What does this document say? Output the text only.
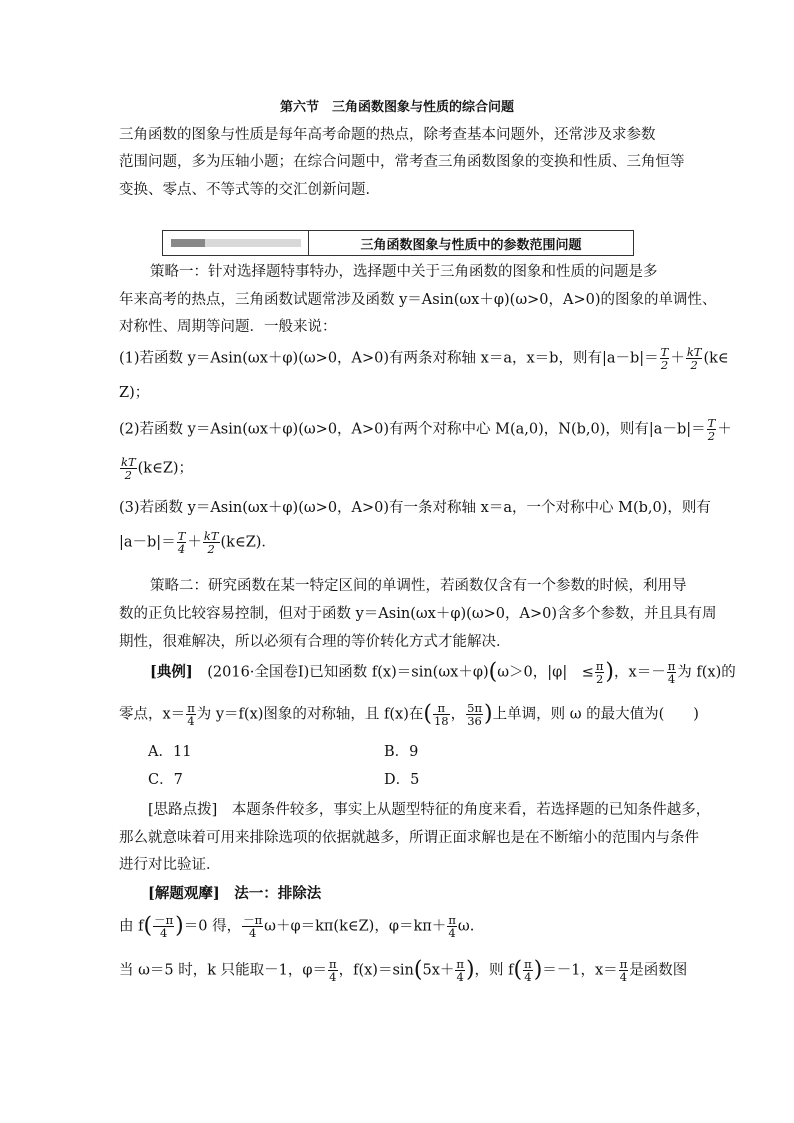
第六节　三角函数图象与性质的综合问题
三角函数的图象与性质是每年高考命题的热点，除考查基本问题外，还常涉及求参数
范围问题，多为压轴小题；在综合问题中，常考查三角函数图象的变换和性质、三角恒等
变换、零点、不等式等的交汇创新问题．
三角函数图象与性质中的参数范围问题
策略一：针对选择题特事特办，选择题中关于三角函数的图象和性质的问题是多
年来高考的热点，三角函数试题常涉及函数 y＝Asin(ωx＋φ)(ω>0，A>0)的图象的单调性、
对称性、周期等问题．一般来说：
(1)若函数 y＝Asin(ωx＋φ)(ω>0，A>0)有两条对称轴 x＝a，x＝b，则有$|a-b|= \frac{T}{2} + \frac{kT}{2}$ (k∈
Z)；
(2)若函数 y＝Asin(ωx＋φ)(ω>0，A>0)有两个对称中心 M(a,0)，N(b,0)，则有$|a-b|= \frac{T}{2}$ ＋
$\frac{kT}{2}$ (k∈Z)；
(3)若函数 y＝Asin(ωx＋φ)(ω>0，A>0)有一条对称轴 x＝a，一个对称中心 M(b,0)，则有
$|a-b|= \frac{T}{4} + \frac{kT}{2}$ (k∈Z)．
策略二：研究函数在某一特定区间的单调性，若函数仅含有一个参数的时候，利用导
数的正负比较容易控制，但对于函数 y＝Asin(ωx＋φ)(ω>0，A>0)含多个参数，并且具有周
期性，很难解决，所以必须有合理的等价转化方式才能解决．
[典例]　 (2016·全国卷Ⅰ)已知函数 f(x)＝sin(ωx＋φ)(ω＞0，|φ|　≤ $\frac{\pi}{2}$ )，$x=- \frac{\pi}{4}$ 为 f(x)的
零点，$x= \frac{\pi}{4}$ 为 y＝f(x)图象的对称轴，且 f(x)在( $\frac{\pi}{18}$ ， $\frac{5\pi}{36}$ )上单调，则 ω 的最大值为(　　)
A．11	B．9
C．7	D．5
[思路点拨]　本题条件较多，事实上从题型特征的角度来看，若选择题的已知条件越多，
那么就意味着可用来排除选项的依据就越多，所谓正面求解也是在不断缩小的范围内与条件
进行对比验证．
[解题观摩]　法一：排除法
由 $f( \frac{-\pi}{4} )=0$ 得， $\frac{-\pi}{4}$ ω＋φ＝kπ(k∈Z)，$\varphi=k\pi+ \frac{\pi}{4} \omega$.
当 ω＝5 时，k 只能取－1，$\varphi= \frac{\pi}{4}$ ，$f(x)=\sin(5x+ \frac{\pi}{4}$ )，则 $f( \frac{\pi}{4} )=-1$，$x= \frac{\pi}{4}$ 是函数图
